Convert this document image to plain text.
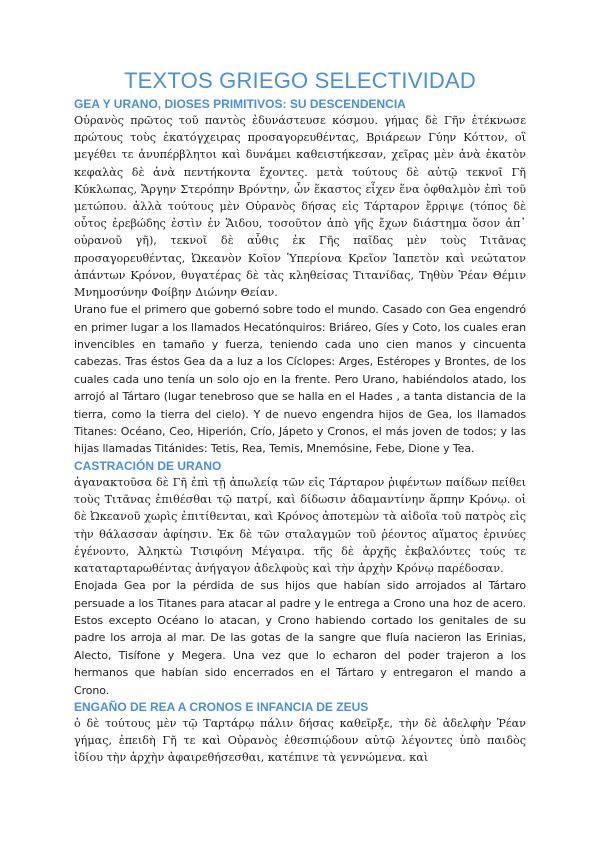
TEXTOS GRIEGO SELECTIVIDAD
GEA Y URANO, DIOSES PRIMITIVOS: SU DESCENDENCIA

Οὐρανὸς πρῶτος τοῦ παντὸς ἐδυνάστευσε κόσμου. γήμας δὲ Γῆν ἐτέκνωσε πρώτους τοὺς ἑκατόγχειρας προσαγορευθέντας, Βριάρεων Γύην Κόττον, οἳ μεγέθει τε ἀνυπέρβλητοι καὶ δυνάμει καθειστήκεσαν, χεῖρας μὲν ἀνὰ ἑκατὸν κεφαλὰς δὲ ἀνὰ πεντήκοντα ἔχοντες. μετὰ τούτους δὲ αὐτῷ τεκνοῖ Γῆ Κύκλωπας, Ἄργην Στερόπην Βρόντην, ὧν ἕκαστος εἶχεν ἕνα ὀφθαλμὸν ἐπὶ τοῦ μετώπου. ἀλλὰ τούτους μὲν Οὐρανὸς δήσας εἰς Τάρταρον ἔρριψε (τόπος δὲ οὗτος ἐρεβώδης ἐστὶν ἐν Ἅιδου, τοσοῦτον ἀπὸ γῆς ἔχων διάστημα ὅσον ἀπ᾽ οὐρανοῦ γῆ), τεκνοῖ δὲ αὖθις ἐκ Γῆς παῖδας μὲν τοὺς Τιτᾶνας προσαγορευθέντας, Ὠκεανὸν Κοῖον Ὑπερίονα Κρεῖον Ἰαπετὸν καὶ νεώτατον ἁπάντων Κρόνον, θυγατέρας δὲ τὰς κληθείσας Τιτανίδας, Τηθὺν Ῥέαν Θέμιν Μνημοσύνην Φοίβην Διώνην Θείαν.

Urano fue el primero que gobernó sobre todo el mundo. Casado con Gea engendró en primer lugar a los llamados Hecatónquiros: Briáreo, Gíes y Coto, los cuales eran invencibles en tamaño y fuerza, teniendo cada uno cien manos y cincuenta cabezas. Tras éstos Gea da a luz a los Cíclopes: Arges, Estéropes y Brontes, de los cuales cada uno tenía un solo ojo en la frente. Pero Urano, habiéndolos atado, los arrojó al Tártaro (lugar tenebroso que se halla en el Hades , a tanta distancia de la tierra, como la tierra del cielo). Y de nuevo engendra hijos de Gea, los llamados Titanes: Océano, Ceo, Hiperión, Crío, Jápeto y Cronos, el más joven de todos; y las hijas llamadas Titánides: Tetis, Rea, Temis, Mnemósine, Febe, Dione y Tea.

CASTRACIÓN DE URANO

ἀγανακτοῦσα δὲ Γῆ ἐπὶ τῇ ἀπωλείᾳ τῶν εἰς Τάρταρον ῥιφέντων παίδων πείθει τοὺς Τιτᾶνας ἐπιθέσθαι τῷ πατρί, καὶ δίδωσιν ἀδαμαντίνην ἅρπην Κρόνῳ. οἱ δὲ Ὠκεανοῦ χωρὶς ἐπιτίθενται, καὶ Κρόνος ἀποτεμὼν τὰ αἰδοῖα τοῦ πατρὸς εἰς τὴν θάλασσαν ἀφίησιν. Ἐκ δὲ τῶν σταλαγμῶν τοῦ ῥέοντος αἵματος ἐρινύες ἐγένοντο, Ἀληκτὼ Τισιφόνη Μέγαιρα. τῆς δὲ ἀρχῆς ἐκβαλόντες τούς τε καταταρταρωθέντας ἀνήγαγον ἀδελφοὺς καὶ τὴν ἀρχὴν Κρόνῳ παρέδοσαν.

Enojada Gea por la pérdida de sus hijos que habían sido arrojados al Tártaro persuade a los Titanes para atacar al padre y le entrega a Crono una hoz de acero. Estos excepto Océano lo atacan, y Crono habiendo cortado los genitales de su padre los arroja al mar. De las gotas de la sangre que fluía nacieron las Erinias, Alecto, Tisífone y Megera. Una vez que lo echaron del poder trajeron a los hermanos que habían sido encerrados en el Tártaro y entregaron el mando a Crono.

ENGAÑO DE REA A CRONOS E INFANCIA DE ZEUS

ὁ δὲ τούτους μὲν τῷ Ταρτάρῳ πάλιν δήσας καθεῖρξε, τὴν δὲ ἀδελφὴν Ῥέαν γήμας, ἐπειδὴ Γῆ τε καὶ Οὐρανὸς ἐθεσπιῴδουν αὐτῷ λέγοντες ὑπὸ παιδὸς ἰδίου τὴν ἀρχὴν ἀφαιρεθήσεσθαι, κατέπινε τὰ γεννώμενα. καὶ
